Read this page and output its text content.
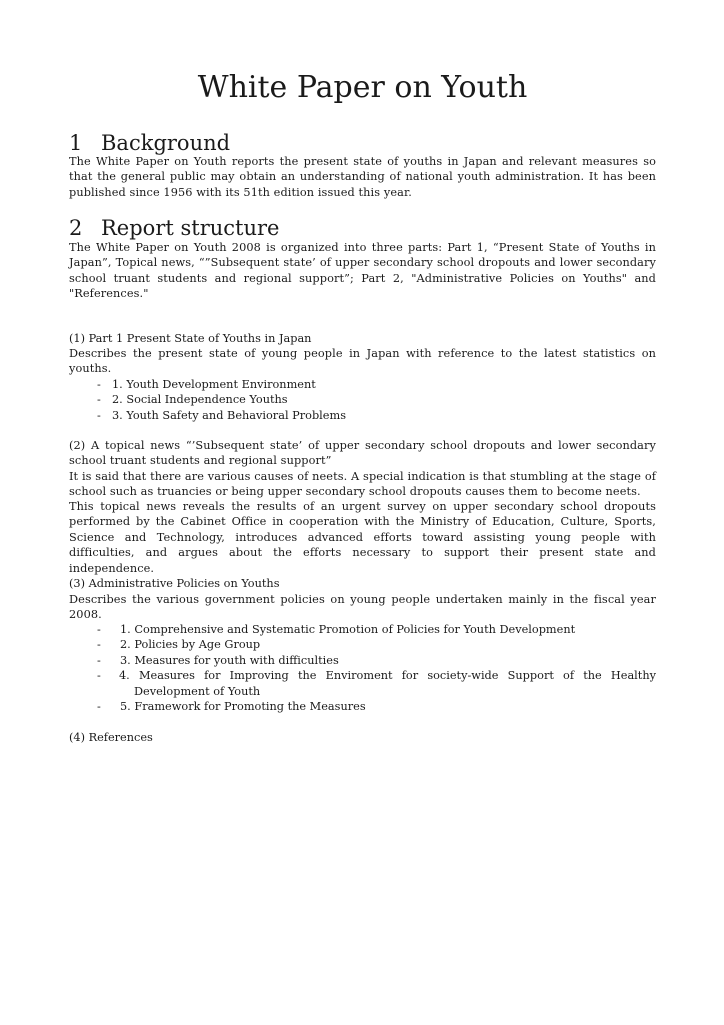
White Paper on Youth
1 Background

The White Paper on Youth reports the present state of youths in Japan and relevant measures so that the general public may obtain an understanding of national youth administration. It has been published since 1956 with its 51th edition issued this year.

2 Report structure

The White Paper on Youth 2008 is organized into three parts: Part 1, “Present State of Youths in Japan”, Topical news, “”Subsequent state’ of upper secondary school dropouts and lower secondary school truant students and regional support”; Part 2, "Administrative Policies on Youths" and "References."

(1) Part 1 Present State of Youths in Japan

Describes the present state of young people in Japan with reference to the latest statistics on youths.

- 1. Youth Development Environment
- 2. Social Independence Youths
- 3. Youth Safety and Behavioral Problems

(2) A topical news “’Subsequent state’ of upper secondary school dropouts and lower secondary school truant students and regional support”

It is said that there are various causes of neets. A special indication is that stumbling at the stage of school such as truancies or being upper secondary school dropouts causes them to become neets.

This topical news reveals the results of an urgent survey on upper secondary school dropouts performed by the Cabinet Office in cooperation with the Ministry of Education, Culture, Sports, Science and Technology, introduces advanced efforts toward assisting young people with difficulties, and argues about the efforts necessary to support their present state and independence.

(3) Administrative Policies on Youths

Describes the various government policies on young people undertaken mainly in the fiscal year 2008.

- 1. Comprehensive and Systematic Promotion of Policies for Youth Development
- 2. Policies by Age Group
- 3. Measures for youth with difficulties
- 4. Measures for Improving the Enviroment for society-wide Support of the Healthy Development of Youth
- 5. Framework for Promoting the Measures

(4) References
